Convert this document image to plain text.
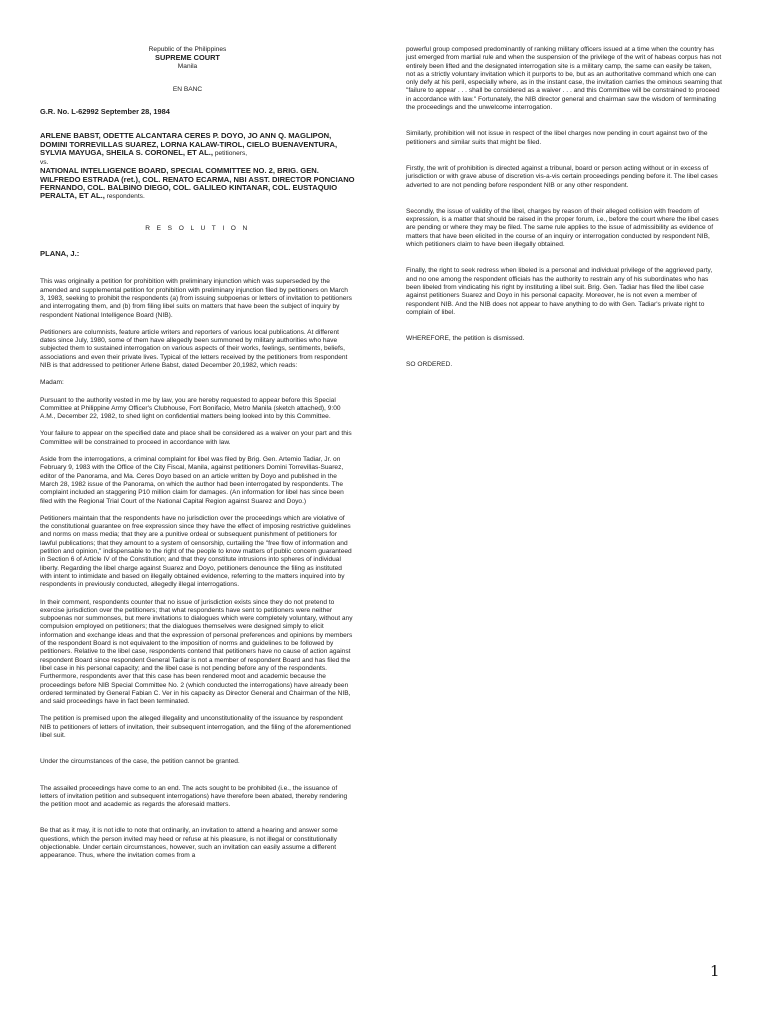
Republic of the Philippines
SUPREME COURT
Manila

EN BANC

G.R. No. L-62992 September 28, 1984

ARLENE BABST, ODETTE ALCANTARA CERES P. DOYO, JO ANN Q. MAGLIPON, DOMINI TORREVILLAS SUAREZ, LORNA KALAW-TIROL, CIELO BUENAVENTURA, SYLVIA MAYUGA, SHEILA S. CORONEL, ET AL., petitioners,
vs.
NATIONAL INTELLIGENCE BOARD, SPECIAL COMMITTEE NO. 2, BRIG. GEN. WILFREDO ESTRADA (ret.), COL. RENATO ECARMA, NBI ASST. DIRECTOR PONCIANO FERNANDO, COL. BALBINO DIEGO, COL. GALILEO KINTANAR, COL. EUSTAQUIO PERALTA, ET AL., respondents.

R E S O L U T I O N

PLANA, J.:

This was originally a petition for prohibition with preliminary injunction which was superseded by the amended and supplemental petition for prohibition with preliminary injunction filed by petitioners on March 3, 1983, seeking to prohibit the respondents (a) from issuing subpoenas or letters of invitation to petitioners and interrogating them, and (b) from filing libel suits on matters that have been the subject of inquiry by respondent National Intelligence Board (NIB).

Petitioners are columnists, feature article writers and reporters of various local publications. At different dates since July, 1980, some of them have allegedly been summoned by military authorities who have subjected them to sustained interrogation on various aspects of their works, feelings, sentiments, beliefs, associations and even their private lives. Typical of the letters received by the petitioners from respondent NIB is that addressed to petitioner Arlene Babst, dated December 20,1982, which reads:

Madam:

Pursuant to the authority vested in me by law, you are hereby requested to appear before this Special Committee at Philippine Army Officer's Clubhouse, Fort Bonifacio, Metro Manila (sketch attached), 9:00 A.M., December 22, 1982, to shed light on confidential matters being looked into by this Committee.

Your failure to appear on the specified date and place shall be considered as a waiver on your part and this Committee will be constrained to proceed in accordance with law.

Aside from the interrogations, a criminal complaint for libel was filed by Brig. Gen. Artemio Tadiar, Jr. on February 9, 1983 with the Office of the City Fiscal, Manila, against petitioners Domini Torrevillas-Suarez, editor of the Panorama, and Ma. Ceres Doyo based on an article written by Doyo and published in the March 28, 1982 issue of the Panorama, on which the author had been interrogated by respondents. The complaint included an staggering P10 million claim for damages. (An information for libel has since been filed with the Regional Trial Court of the National Capital Region against Suarez and Doyo.)

Petitioners maintain that the respondents have no jurisdiction over the proceedings which are violative of the constitutional guarantee on free expression since they have the effect of imposing restrictive guidelines and norms on mass media; that they are a punitive ordeal or subsequent punishment of petitioners for lawful publications; that they amount to a system of censorship, curtailing the "free flow of information and petition and opinion," indispensable to the right of the people to know matters of public concern guaranteed in Section 6 of Article IV of the Constitution; and that they constitute intrusions into spheres of individual liberty. Regarding the libel charge against Suarez and Doyo, petitioners denounce the filing as instituted with intent to intimidate and based on illegally obtained evidence, referring to the matters inquired into by respondents in previously conducted, allegedly illegal interrogations.

In their comment, respondents counter that no issue of jurisdiction exists since they do not pretend to exercise jurisdiction over the petitioners; that what respondents have sent to petitioners were neither subpoenas nor summonses, but mere invitations to dialogues which were completely voluntary, without any compulsion employed on petitioners; that the dialogues themselves were designed simply to elicit information and exchange ideas and that the expression of personal preferences and opinions by members of the respondent Board is not equivalent to the imposition of norms and guidelines to be followed by petitioners. Relative to the libel case, respondents contend that petitioners have no cause of action against respondent Board since respondent General Tadiar is not a member of respondent Board and has filed the libel case in his personal capacity; and the libel case is not pending before any of the respondents. Furthermore, respondents aver that this case has been rendered moot and academic because the proceedings before NIB Special Committee No. 2 (which conducted the interrogations) have already been ordered terminated by General Fabian C. Ver in his capacity as Director General and Chairman of the NIB, and said proceedings have in fact been terminated.

The petition is premised upon the alleged illegality and unconstitutionality of the issuance by respondent NIB to petitioners of letters of invitation, their subsequent interrogation, and the filing of the aforementioned libel suit.

Under the circumstances of the case, the petition cannot be granted.

The assailed proceedings have come to an end. The acts sought to be prohibited (i.e., the issuance of letters of invitation petition and subsequent interrogations) have therefore been abated, thereby rendering the petition moot and academic as regards the aforesaid matters.

Be that as it may, it is not idle to note that ordinarily, an invitation to attend a hearing and answer some questions, which the person invited may heed or refuse at his pleasure, is not illegal or constitutionally objectionable. Under certain circumstances, however, such an invitation can easily assume a different appearance. Thus, where the invitation comes from a

powerful group composed predominantly of ranking military officers issued at a time when the country has just emerged from martial rule and when the suspension of the privilege of the writ of habeas corpus has not entirely been lifted and the designated interrogation site is a military camp, the same can easily be taken, not as a strictly voluntary invitation which it purports to be, but as an authoritative command which one can only defy at his peril, especially where, as in the instant case, the invitation carries the ominous seaming that "failure to appear . . . shall be considered as a waiver . . . and this Committee will be constrained to proceed in accordance with law." Fortunately, the NIB director general and chairman saw the wisdom of terminating the proceedings and the unwelcome interrogation.

Similarly, prohibition will not issue in respect of the libel charges now pending in court against two of the petitioners and similar suits that might be filed.

Firstly, the writ of prohibition is directed against a tribunal, board or person acting without or in excess of jurisdiction or with grave abuse of discretion vis-a-vis certain proceedings pending before it. The libel cases adverted to are not pending before respondent NIB or any other respondent.

Secondly, the issue of validity of the libel, charges by reason of their alleged collision with freedom of expression, is a matter that should be raised in the proper forum, i.e., before the court where the libel cases are pending or where they may be filed. The same rule applies to the issue of admissibility as evidence of matters that have been elicited in the course of an inquiry or interrogation conducted by respondent NIB, which petitioners claim to have been illegally obtained.

Finally, the right to seek redress when libeled is a personal and individual privilege of the aggrieved party, and no one among the respondent officials has the authority to restrain any of his subordinates who has been libeled from vindicating his right by instituting a libel suit. Brig. Gen. Tadiar has filed the libel case against petitioners Suarez and Doyo in his personal capacity. Moreover, he is not even a member of respondent NIB. And the NIB does not appear to have anything to do with Gen. Tadiar's private right to complain of libel.

WHEREFORE, the petition is dismissed.

SO ORDERED.

1
